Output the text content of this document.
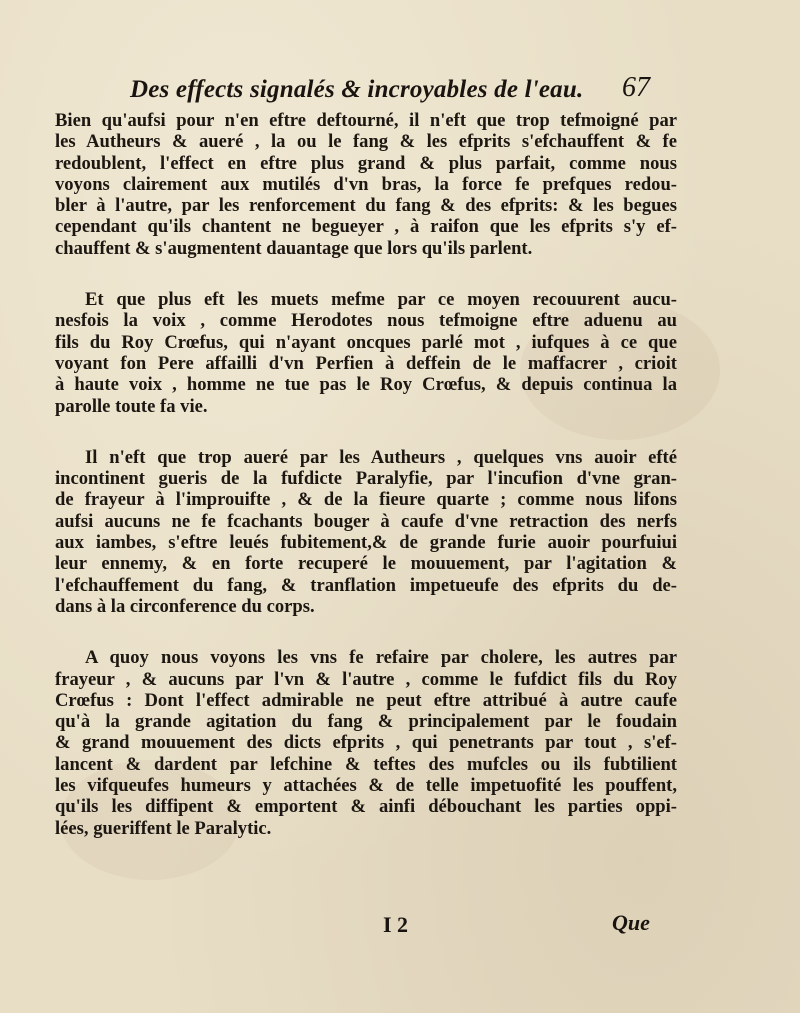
Des effects signalés & incroyables de l'eau. 67
Bien qu'aufsi pour n'en eftre deftourné, il n'eft que trop tefmoigné par
les Autheurs & aueré , la ou le fang & les efprits s'efchauffent & fe
redoublent, l'effect en eftre plus grand & plus parfait, comme nous
voyons clairement aux mutilés d'vn bras, la force fe prefques redou-
bler à l'autre, par les renforcement du fang & des efprits: & les begues
cependant qu'ils chantent ne begueyer , à raifon que les efprits s'y ef-
chauffent & s'augmentent dauantage que lors qu'ils parlent.
Et que plus eft les muets mefme par ce moyen recouurent aucu-
nesfois la voix , comme Herodotes nous tefmoigne eftre aduenu au
fils du Roy Crœfus, qui n'ayant oncques parlé mot , iufques à ce que
voyant fon Pere affailli d'vn Perfien à deffein de le maffacrer , crioit
à haute voix , homme ne tue pas le Roy Crœfus, & depuis continua la
parolle toute fa vie.
Il n'eft que trop aueré par les Autheurs , quelques vns auoir efté
incontinent gueris de la fufdicte Paralyfie, par l'incufion d'vne gran-
de frayeur à l'improuifte , & de la fieure quarte ; comme nous lifons
aufsi aucuns ne fe fcachants bouger à caufe d'vne retraction des nerfs
aux iambes, s'eftre leués fubitement,& de grande furie auoir pourfuiui
leur ennemy, & en forte recuperé le mouuement, par l'agitation &
l'efchauffement du fang, & tranflation impetueufe des efprits du de-
dans à la circonference du corps.
A quoy nous voyons les vns fe refaire par cholere, les autres par
frayeur , & aucuns par l'vn & l'autre , comme le fufdict fils du Roy
Crœfus : Dont l'effect admirable ne peut eftre attribué à autre caufe
qu'à la grande agitation du fang & principalement par le foudain
& grand mouuement des dicts efprits , qui penetrants par tout , s'ef-
lancent & dardent par lefchine & teftes des mufcles ou ils fubtilient
les vifqueufes humeurs y attachées & de telle impetuofité les pouffent,
qu'ils les diffipent & emportent & ainfi débouchant les parties oppi-
lées, gueriffent le Paralytic.
I 2	Que
